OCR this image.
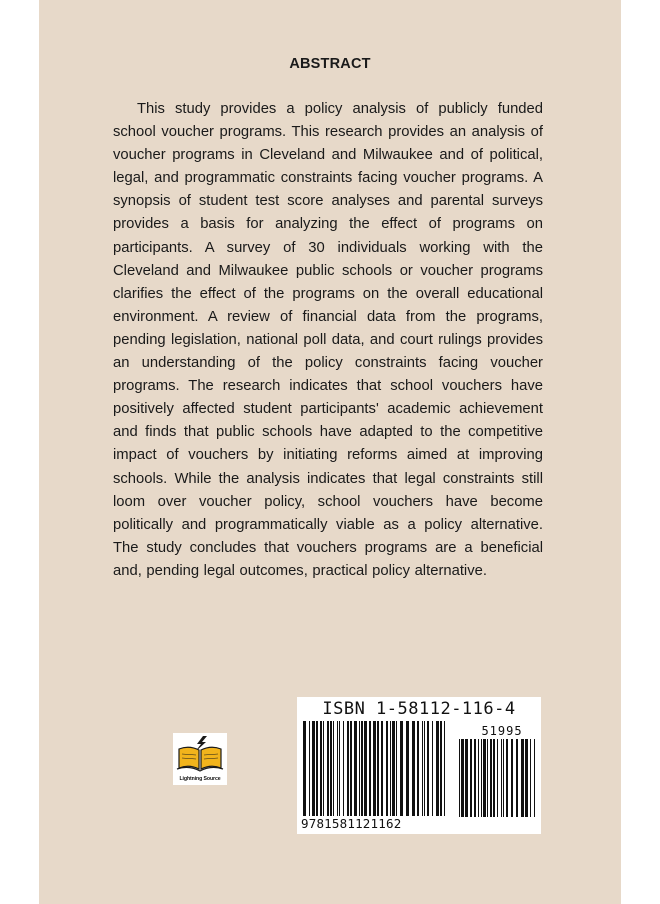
ABSTRACT

This study provides a policy analysis of publicly funded school voucher programs. This research provides an analysis of voucher programs in Cleveland and Milwaukee and of political, legal, and programmatic constraints facing voucher programs. A synopsis of student test score analyses and parental surveys provides a basis for analyzing the effect of programs on participants. A survey of 30 individuals working with the Cleveland and Milwaukee public schools or voucher programs clarifies the effect of the programs on the overall educational environment. A review of financial data from the programs, pending legislation, national poll data, and court rulings provides an understanding of the policy constraints facing voucher programs. The research indicates that school vouchers have positively affected student participants' academic achievement and finds that public schools have adapted to the competitive impact of vouchers by initiating reforms aimed at improving schools. While the analysis indicates that legal constraints still loom over voucher policy, school vouchers have become politically and programmatically viable as a policy alternative. The study concludes that vouchers programs are a beneficial and, pending legal outcomes, practical policy alternative.

Lightning Source
ISBN 1-58112-116-4
51995
9781581121162
